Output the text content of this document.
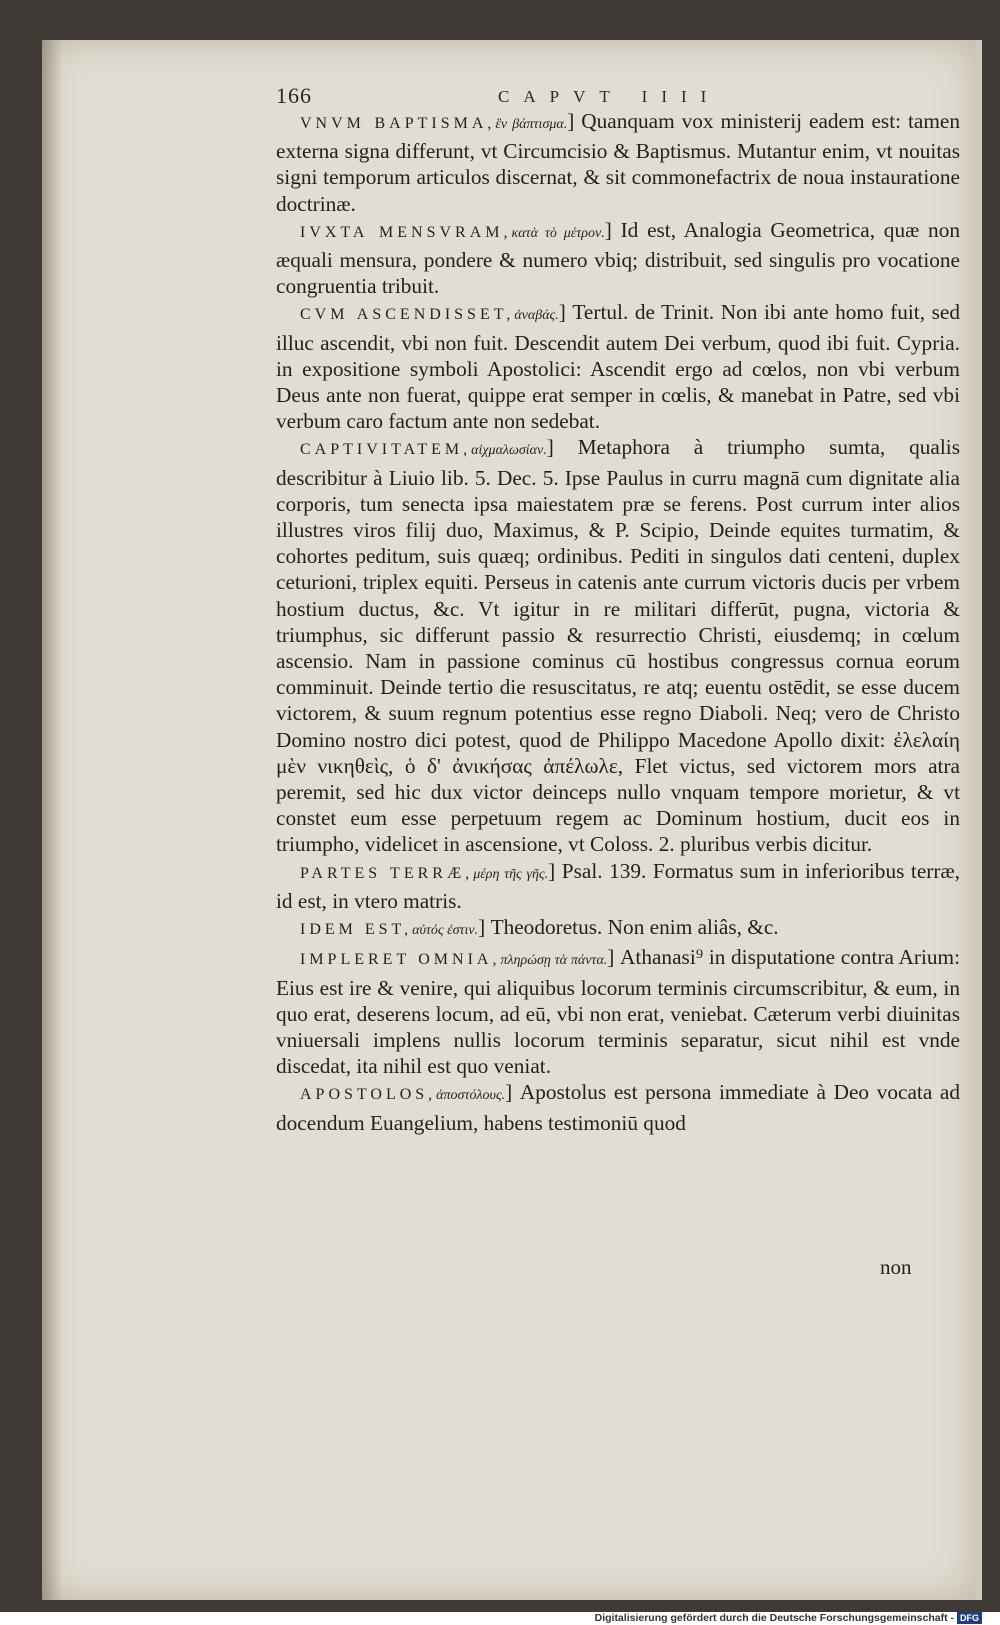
166	CAPVT IIII

VNVM BAPTISMA,ἓν βάπτισμα.] Quanquam vox ministerij eadem est: tamen externa signa differunt, vt Circumcisio & Baptismus. Mutantur enim, vt nouitas signi temporum articulos discernat, & sit commonefactrix de noua instauratione doctrinæ.

IVXTA MENSVRAM,κατὰ τὸ μέτρον.] Id est, Analogia Geometrica, quæ non æquali mensura, pondere & numero vbiq; distribuit, sed singulis pro vocatione congruentia tribuit.

CVM ASCENDISSET,ἀναβάς.] Tertul. de Trinit. Non ibi ante homo fuit, sed illuc ascendit, vbi non fuit. Descendit autem Dei verbum, quod ibi fuit. Cypria. in expositione symboli Apostolici: Ascendit ergo ad cœlos, non vbi verbum Deus ante non fuerat, quippe erat semper in cœlis, & manebat in Patre, sed vbi verbum caro factum ante non sedebat.

CAPTIVITATEM,αἰχμαλωσίαν.] Metaphora à triumpho sumta, qualis describitur à Liuio lib. 5. Dec. 5. Ipse Paulus in curru magnā cum dignitate alia corporis, tum senecta ipsa maiestatem præ se ferens. Post currum inter alios illustres viros filij duo, Maximus, & P. Scipio, Deinde equites turmatim, & cohortes peditum, suis quæq; ordinibus. Pediti in singulos dati centeni, duplex ceturioni, triplex equiti. Perseus in catenis ante currum victoris ducis per vrbem hostium ductus, &c. Vt igitur in re militari differūt, pugna, victoria & triumphus, sic differunt passio & resurrectio Christi, eiusdemq; in cœlum ascensio. Nam in passione cominus cū hostibus congressus cornua eorum comminuit. Deinde tertio die resuscitatus, re atq; euentu ostēdit, se esse ducem victorem, & suum regnum potentius esse regno Diaboli. Neq; vero de Christo Domino nostro dici potest, quod de Philippo Macedone Apollo dixit: ἐλελαίη μὲν νικηθεὶς, ὁ δ' ἀνικήσας ἀπέλωλε, Flet victus, sed victorem mors atra peremit, sed hic dux victor deinceps nullo vnquam tempore morietur, & vt constet eum esse perpetuum regem ac Dominum hostium, ducit eos in triumpho, videlicet in ascensione, vt Coloss. 2. pluribus verbis dicitur.

PARTES TERRÆ,μέρη τῆς γῆς.] Psal. 139. Formatus sum in inferioribus terræ, id est, in vtero matris.

IDEM EST,αὐτός ἐστιν.] Theodoretus. Non enim aliâs, &c.

IMPLERET OMNIA,πληρώσῃ τὰ πάντα.] Athanasi⁹ in disputatione contra Arium: Eius est ire & venire, qui aliquibus locorum terminis circumscribitur, & eum, in quo erat, deserens locum, ad eū, vbi non erat, veniebat. Cæterum verbi diuinitas vniuersali implens nullis locorum terminis separatur, sicut nihil est vnde discedat, ita nihil est quo veniat.

APOSTOLOS,ἀποστόλους.] Apostolus est persona immediate à Deo vocata ad docendum Euangelium, habens testimoniū quod

non
Digitalisierung gefördert durch die Deutsche Forschungsgemeinschaft - DFG
